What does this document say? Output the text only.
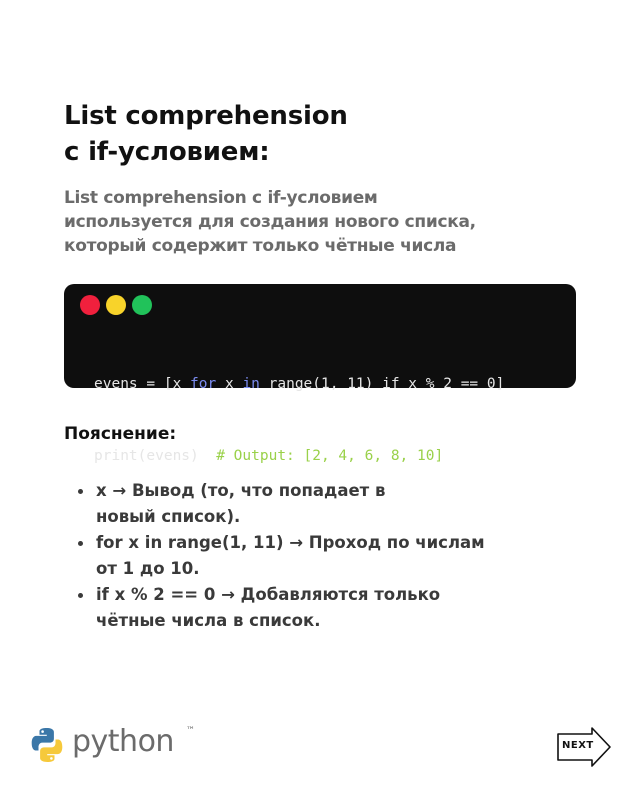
List comprehension
с if-условием:
List comprehension с if-условием
используется для создания нового списка,
который содержит только чётные числа

evens = [x for x in range(1, 11) if x % 2 == 0]

print(evens)  # Output: [2, 4, 6, 8, 10]

Пояснение:
x → Вывод (то, что попадает в
новый список).
for x in range(1, 11) → Проход по числам
от 1 до 10.
if x % 2 == 0 → Добавляются только
чётные числа в список.
python ™
NEXT
